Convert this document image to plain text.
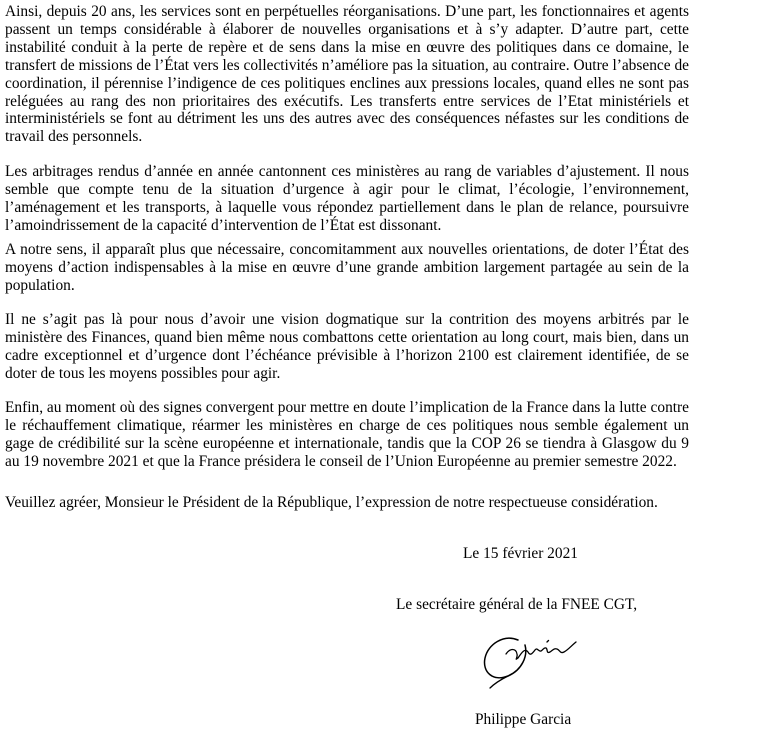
Ainsi, depuis 20 ans, les services sont en perpétuelles réorganisations. D’une part, les fonctionnaires et agents passent un temps considérable à élaborer de nouvelles organisations et à s’y adapter. D’autre part, cette instabilité conduit à la perte de repère et de sens dans la mise en œuvre des politiques dans ce domaine, le transfert de missions de l’État vers les collectivités n’améliore pas la situation, au contraire. Outre l’absence de coordination, il pérennise l’indigence de ces politiques enclines aux pressions locales, quand elles ne sont pas reléguées au rang des non prioritaires des exécutifs. Les transferts entre services de l’Etat ministériels et interministériels se font au détriment les uns des autres avec des conséquences néfastes sur les conditions de travail des personnels.

Les arbitrages rendus d’année en année cantonnent ces ministères au rang de variables d’ajustement. Il nous semble que compte tenu de la situation d’urgence à agir pour le climat, l’écologie, l’environnement, l’aménagement et les transports, à laquelle vous répondez partiellement dans le plan de relance, poursuivre l’amoindrissement de la capacité d’intervention de l’État est dissonant.

A notre sens, il apparaît plus que nécessaire, concomitamment aux nouvelles orientations, de doter l’État des moyens d’action indispensables à la mise en œuvre d’une grande ambition largement partagée au sein de la population.

Il ne s’agit pas là pour nous d’avoir une vision dogmatique sur la contrition des moyens arbitrés par le ministère des Finances, quand bien même nous combattons cette orientation au long court, mais bien, dans un cadre exceptionnel et d’urgence dont l’échéance prévisible à l’horizon 2100 est clairement identifiée, de se doter de tous les moyens possibles pour agir.

Enfin, au moment où des signes convergent pour mettre en doute l’implication de la France dans la lutte contre le réchauffement climatique, réarmer les ministères en charge de ces politiques nous semble également un gage de crédibilité sur la scène européenne et internationale, tandis que la COP 26 se tiendra à Glasgow du 9 au 19 novembre 2021 et que la France présidera le conseil de l’Union Européenne au premier semestre 2022.

Veuillez agréer, Monsieur le Président de la République, l’expression de notre respectueuse considération.

Le 15 février 2021

Le secrétaire général de la FNEE CGT,

Philippe Garcia
